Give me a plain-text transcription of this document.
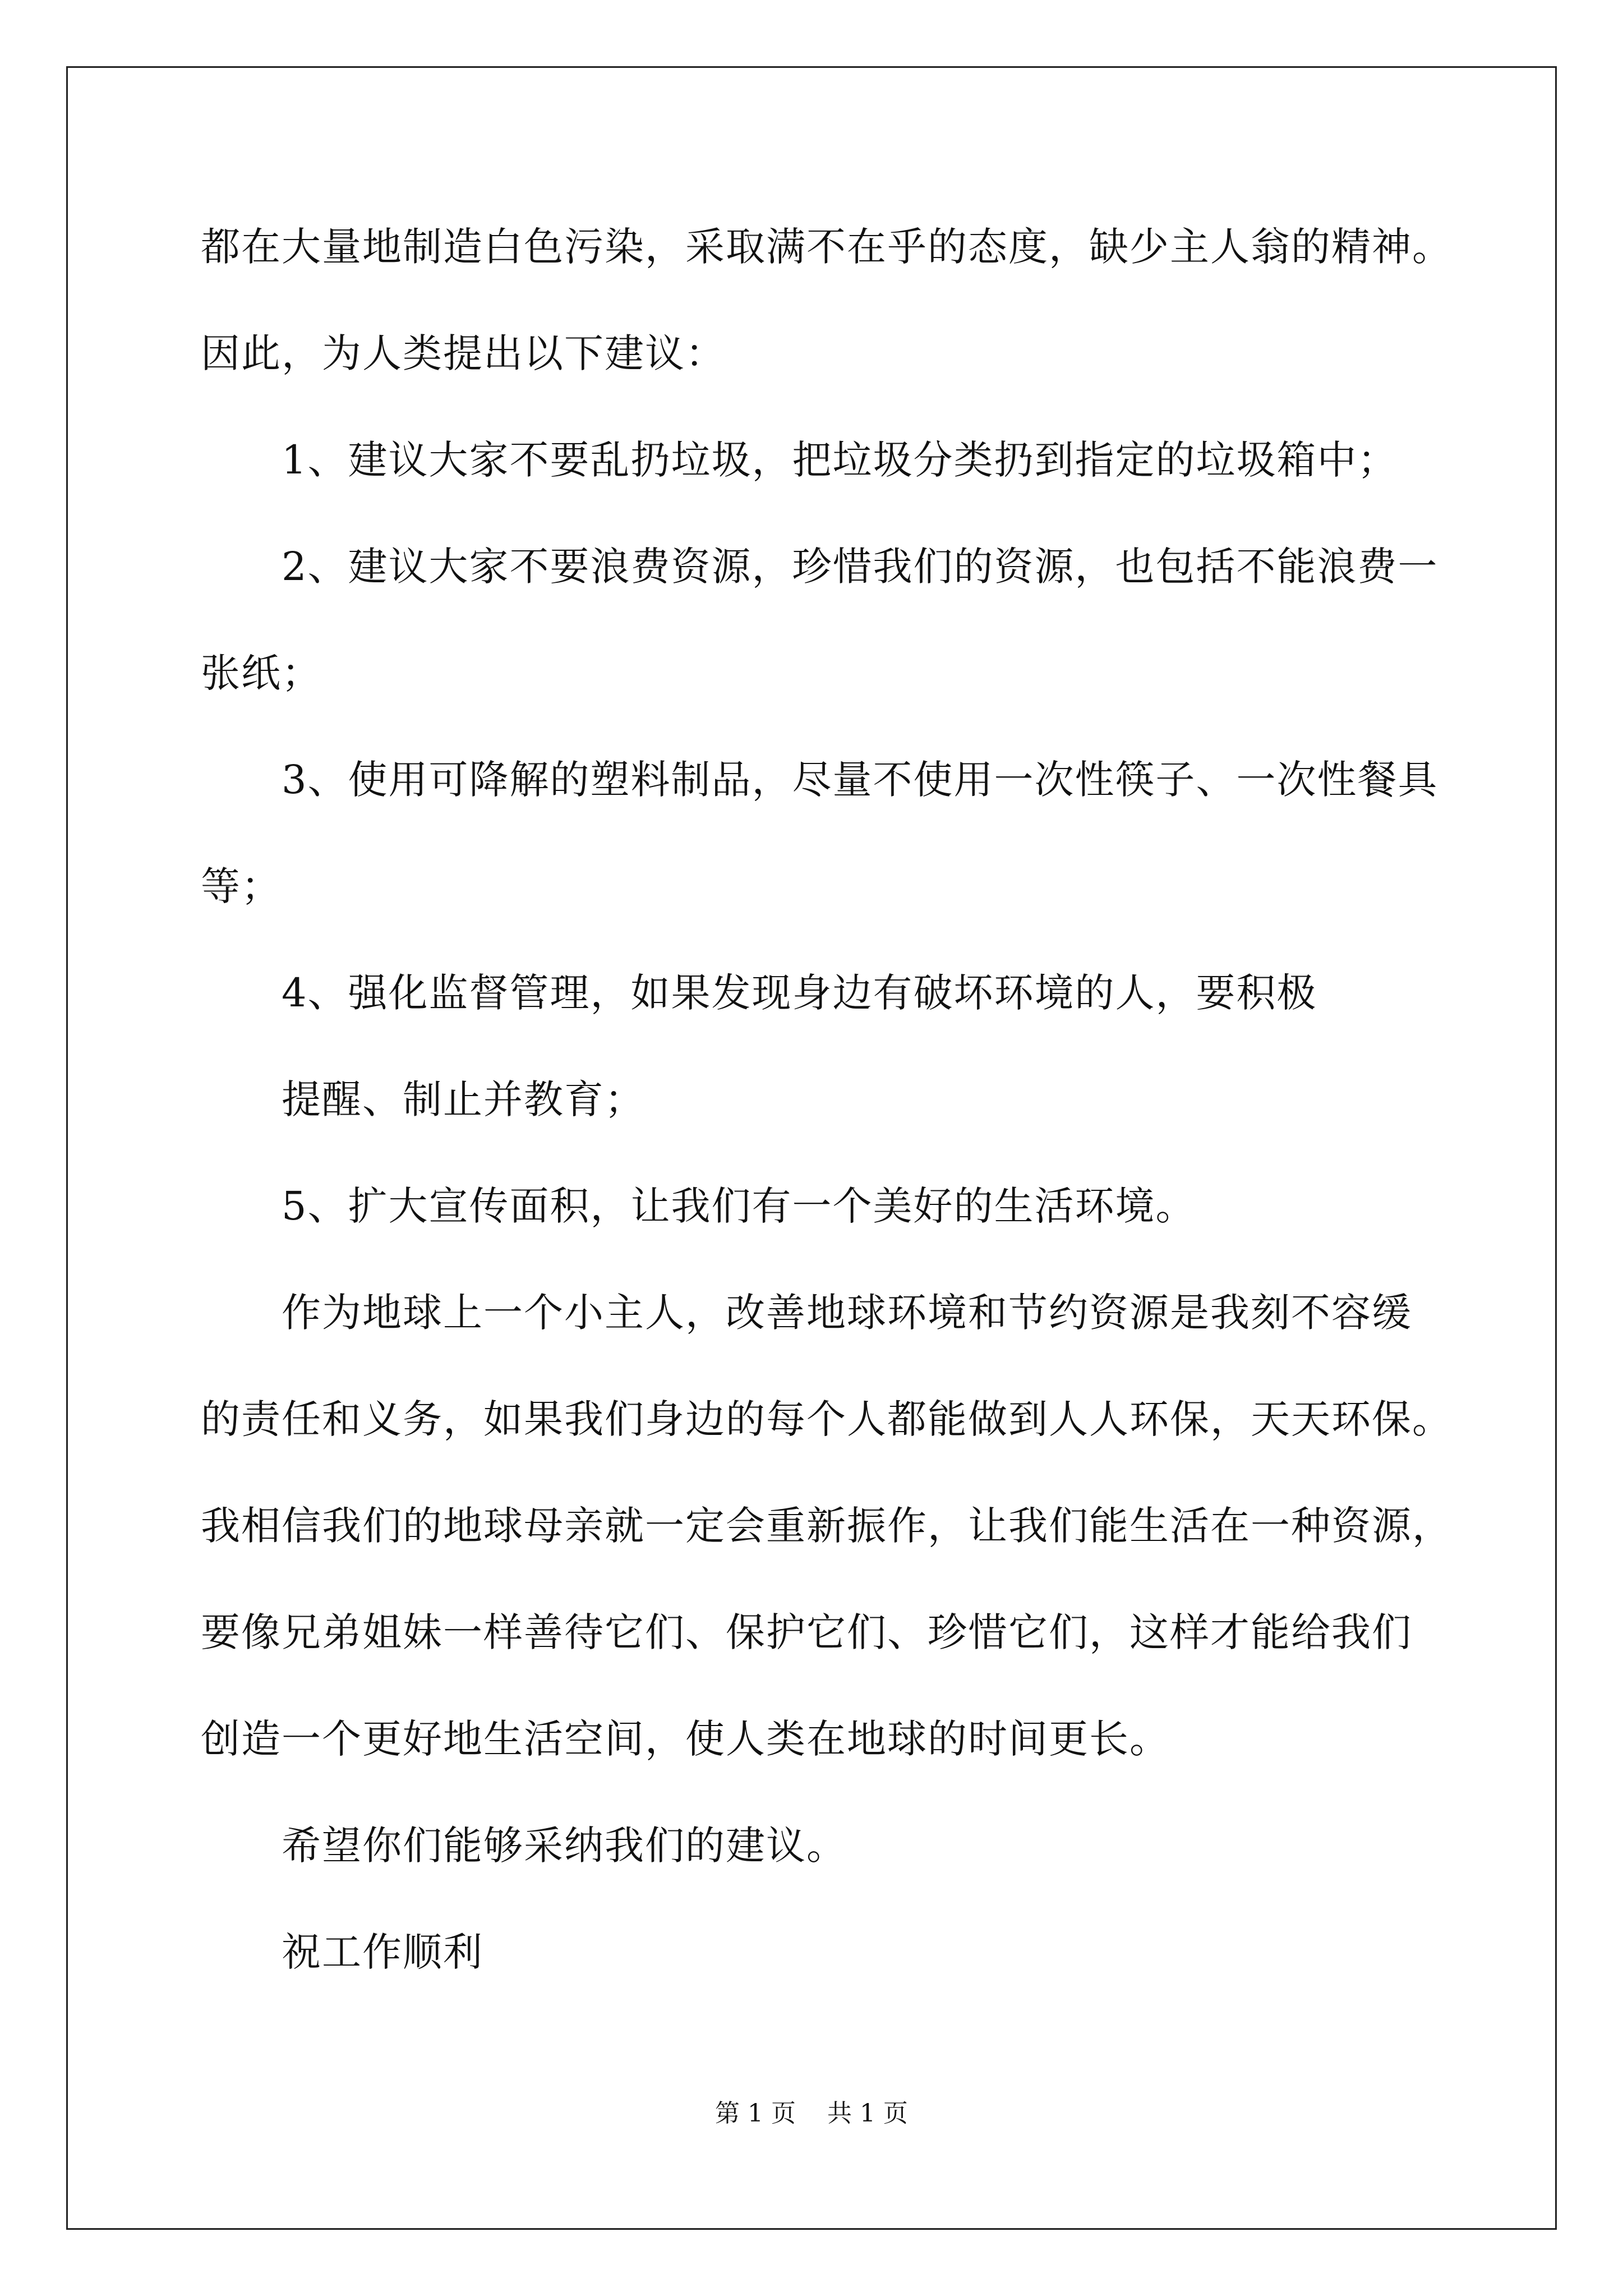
都在大量地制造白色污染，采取满不在乎的态度，缺少主人翁的精神。
因此，为人类提出以下建议：
1、建议大家不要乱扔垃圾，把垃圾分类扔到指定的垃圾箱中；
2、建议大家不要浪费资源，珍惜我们的资源，也包括不能浪费一
张纸；
3、使用可降解的塑料制品，尽量不使用一次性筷子、一次性餐具
等；
4、强化监督管理，如果发现身边有破坏环境的人，要积极
提醒、制止并教育；
5、扩大宣传面积，让我们有一个美好的生活环境。
作为地球上一个小主人，改善地球环境和节约资源是我刻不容缓
的责任和义务，如果我们身边的每个人都能做到人人环保，天天环保。
我相信我们的地球母亲就一定会重新振作，让我们能生活在一种资源，
要像兄弟姐妹一样善待它们、保护它们、珍惜它们，这样才能给我们
创造一个更好地生活空间，使人类在地球的时间更长。
希望你们能够采纳我们的建议。
祝工作顺利
第 1 页    共 1 页
